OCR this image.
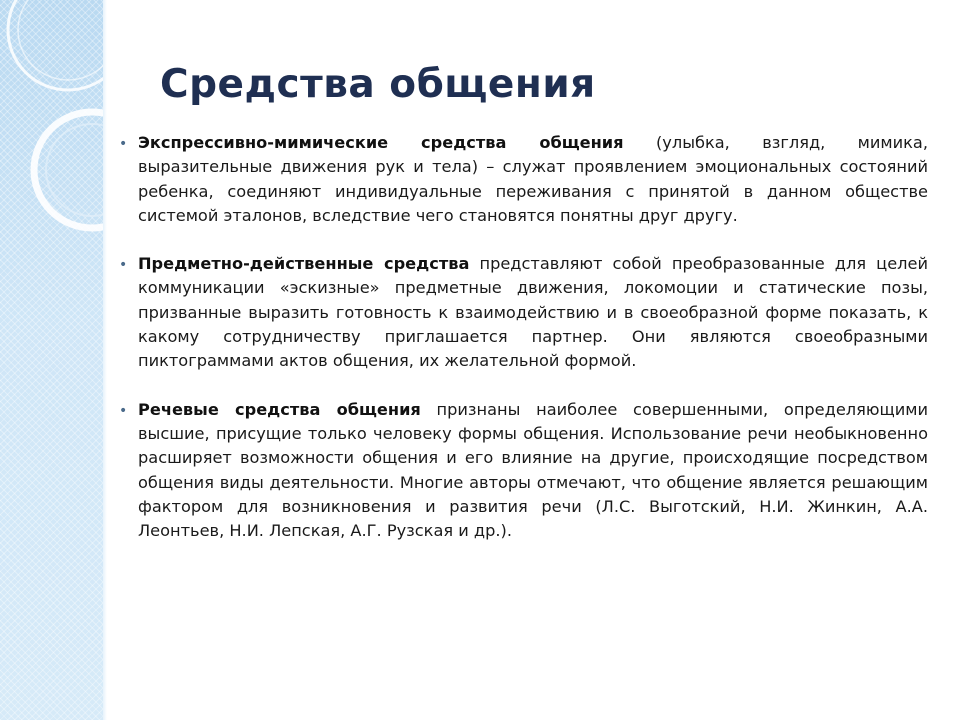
Средства общения
• Экспрессивно-мимические средства общения (улыбка, взгляд, мимика, выразительные движения рук и тела) – служат проявлением эмоциональных состояний ребенка, соединяют индивидуальные переживания с принятой в данном обществе системой эталонов, вследствие чего становятся понятны друг другу.

• Предметно-действенные средства представляют собой преобразованные для целей коммуникации «эскизные» предметные движения, локомоции и статические позы, призванные выразить готовность к взаимодействию и в своеобразной форме показать, к какому сотрудничеству приглашается партнер. Они являются своеобразными пиктограммами актов общения, их желательной формой.

• Речевые средства общения признаны наиболее совершенными, определяющими высшие, присущие только человеку формы общения. Использование речи необыкновенно расширяет возможности общения и его влияние на другие, происходящие посредством общения виды деятельности. Многие авторы отмечают, что общение является решающим фактором для возникновения и развития речи (Л.С. Выготский, Н.И. Жинкин, А.А. Леонтьев, Н.И. Лепская, А.Г. Рузская и др.).
